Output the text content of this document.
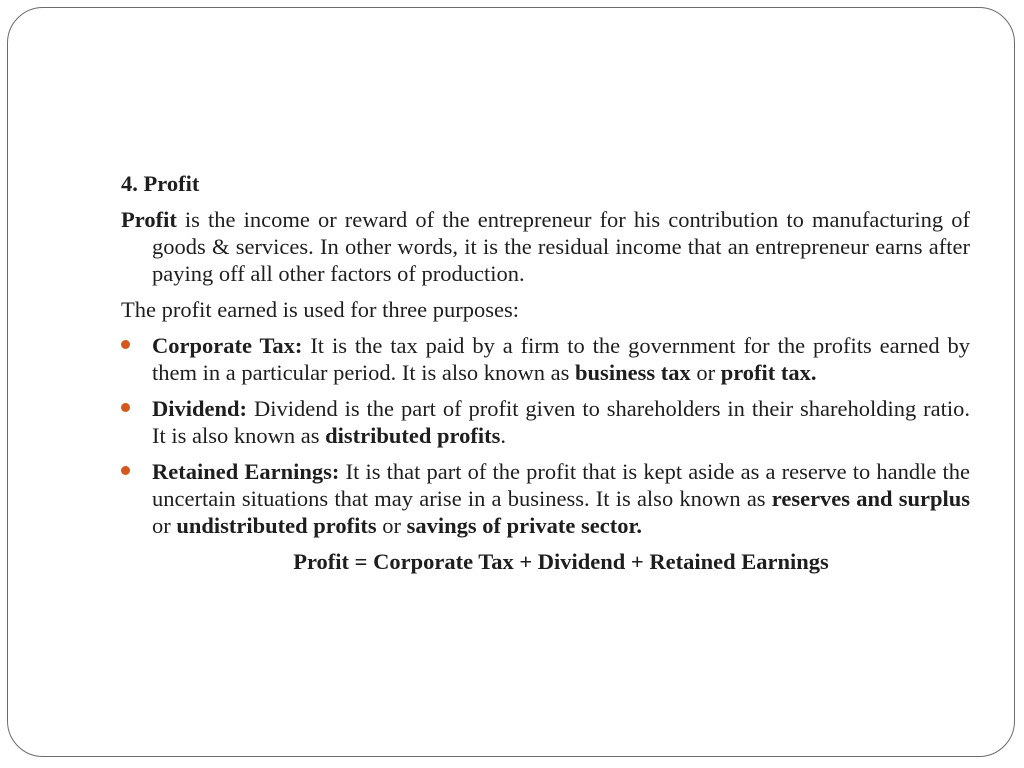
4. Profit
Profit is the income or reward of the entrepreneur for his contribution to manufacturing of goods & services. In other words, it is the residual income that an entrepreneur earns after paying off all other factors of production.
The profit earned is used for three purposes:
Corporate Tax: It is the tax paid by a firm to the government for the profits earned by them in a particular period. It is also known as business tax or profit tax.
Dividend: Dividend is the part of profit given to shareholders in their shareholding ratio. It is also known as distributed profits.
Retained Earnings: It is that part of the profit that is kept aside as a reserve to handle the uncertain situations that may arise in a business. It is also known as reserves and surplus or undistributed profits or savings of private sector.
Profit = Corporate Tax + Dividend + Retained Earnings
